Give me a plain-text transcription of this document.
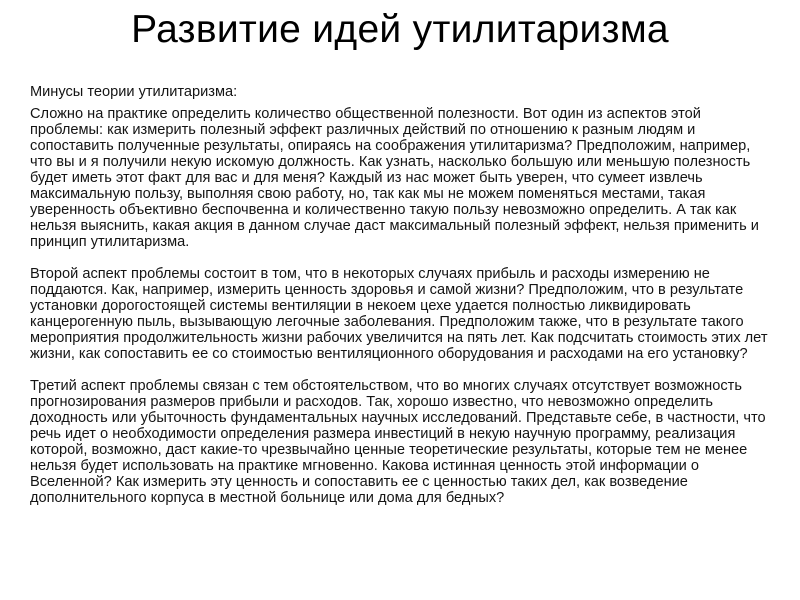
Развитие идей утилитаризма

Минусы теории утилитаризма:

Сложно на практике определить количество общественной полезности. Вот один из аспектов этой проблемы: как измерить полезный эффект различных действий по отношению к разным людям и сопоставить полученные результаты, опираясь на соображения утилитаризма? Предположим, например, что вы и я получили некую искомую должность. Как узнать, насколько большую или меньшую полезность будет иметь этот факт для вас и для меня? Каждый из нас может быть уверен, что сумеет извлечь максимальную пользу, выполняя свою работу, но, так как мы не можем поменяться местами, такая уверенность объективно беспочвенна и количественно такую пользу невозможно определить. А так как нельзя выяснить, какая акция в данном случае даст максимальный полезный эффект, нельзя применить и принцип утилитаризма.

Второй аспект проблемы состоит в том, что в некоторых случаях прибыль и расходы измерению не поддаются. Как, например, измерить ценность здоровья и самой жизни? Предположим, что в результате установки дорогостоящей системы вентиляции в некоем цехе удается полностью ликвидировать канцерогенную пыль, вызывающую легочные заболевания. Предположим также, что в результате такого мероприятия продолжительность жизни рабочих увеличится на пять лет. Как подсчитать стоимость этих лет жизни, как сопоставить ее со стоимостью вентиляционного оборудования и расходами на его установку?

Третий аспект проблемы связан с тем обстоятельством, что во многих случаях отсутствует возможность прогнозирования размеров прибыли и расходов. Так, хорошо известно, что невозможно определить доходность или убыточность фундаментальных научных исследований. Представьте себе, в частности, что речь идет о необходимости определения размера инвестиций в некую научную программу, реализация которой, возможно, даст какие-то чрезвычайно ценные теоретические результаты, которые тем не менее нельзя будет использовать на практике мгновенно. Какова истинная ценность этой информации о Вселенной? Как измерить эту ценность и сопоставить ее с ценностью таких дел, как возведение дополнительного корпуса в местной больнице или дома для бедных?
